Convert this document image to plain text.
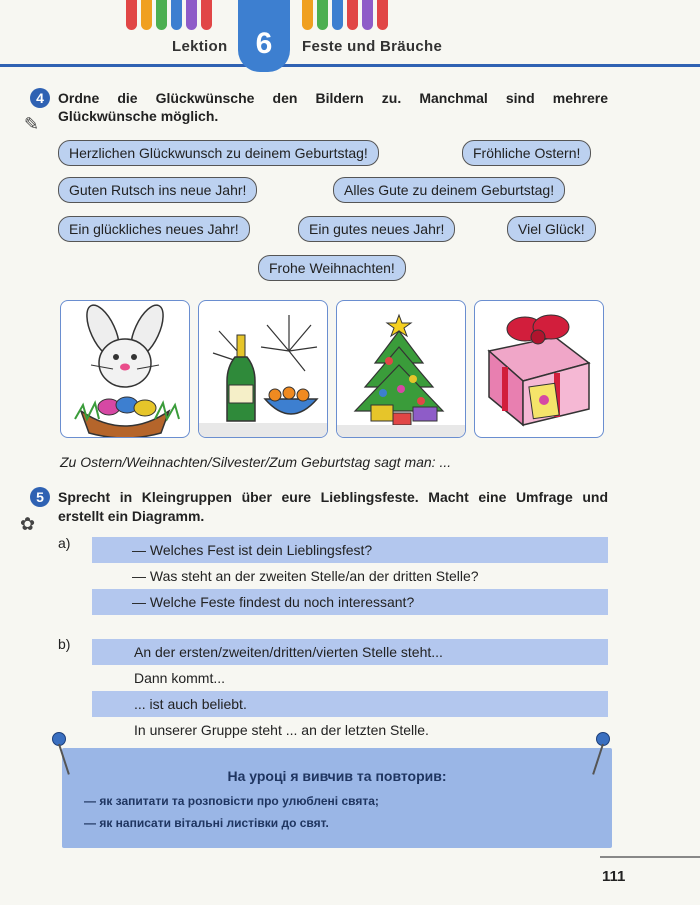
Lektion 6	Feste und Bräuche
4	Ordne die Glückwünsche den Bildern zu. Manchmal sind mehrere
Glückwünsche möglich.
✎
Herzlichen Glückwunsch zu deinem Geburtstag!	Fröhliche Ostern!
Guten Rutsch ins neue Jahr!	Alles Gute zu deinem Geburtstag!
Ein glückliches neues Jahr!	Ein gutes neues Jahr!	Viel Glück!
Frohe Weihnachten!
Zu Ostern/Weihnachten/Silvester/Zum Geburtstag sagt man: ...
5	Sprecht in Kleingruppen über eure Lieblingsfeste. Macht eine Umfrage und
erstellt ein Diagramm.
✿
a)	— Welches Fest ist dein Lieblingsfest?
— Was steht an der zweiten Stelle/an der dritten Stelle?
— Welche Feste findest du noch interessant?
b)	An der ersten/zweiten/dritten/vierten Stelle steht...
Dann kommt...
... ist auch beliebt.
In unserer Gruppe steht ... an der letzten Stelle.
На уроці я вивчив та повторив:
— як запитати та розповісти про улюблені свята;
— як написати вітальні листівки до свят.
111
